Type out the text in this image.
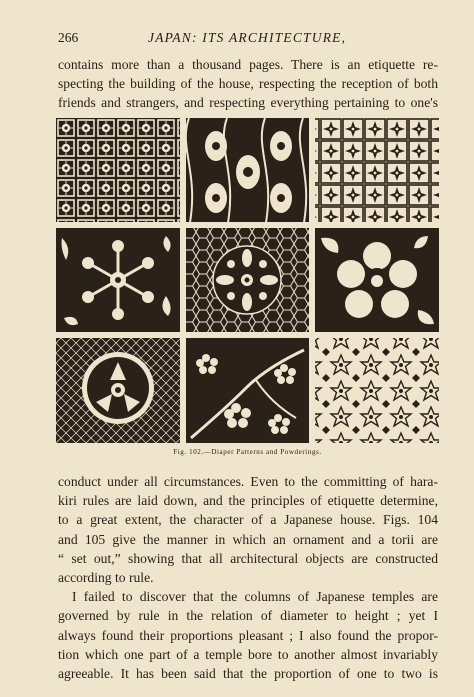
266	JAPAN: ITS ARCHITECTURE,
contains more than a thousand pages. There is an etiquette re-
specting the building of the house, respecting the reception of both
friends and strangers, and respecting everything pertaining to one's
Fig. 102.—Diaper Patterns and Powderings.
conduct under all circumstances. Even to the committing of hara-
kiri rules are laid down, and the principles of etiquette determine,
to a great extent, the character of a Japanese house. Figs. 104
and 105 give the manner in which an ornament and a torii are
“ set out,” showing that all architectural objects are constructed
according to rule.
I failed to discover that the columns of Japanese temples are
governed by rule in the relation of diameter to height ; yet I
always found their proportions pleasant ; I also found the propor-
tion which one part of a temple bore to another almost invariably
agreeable. It has been said that the proportion of one to two is
